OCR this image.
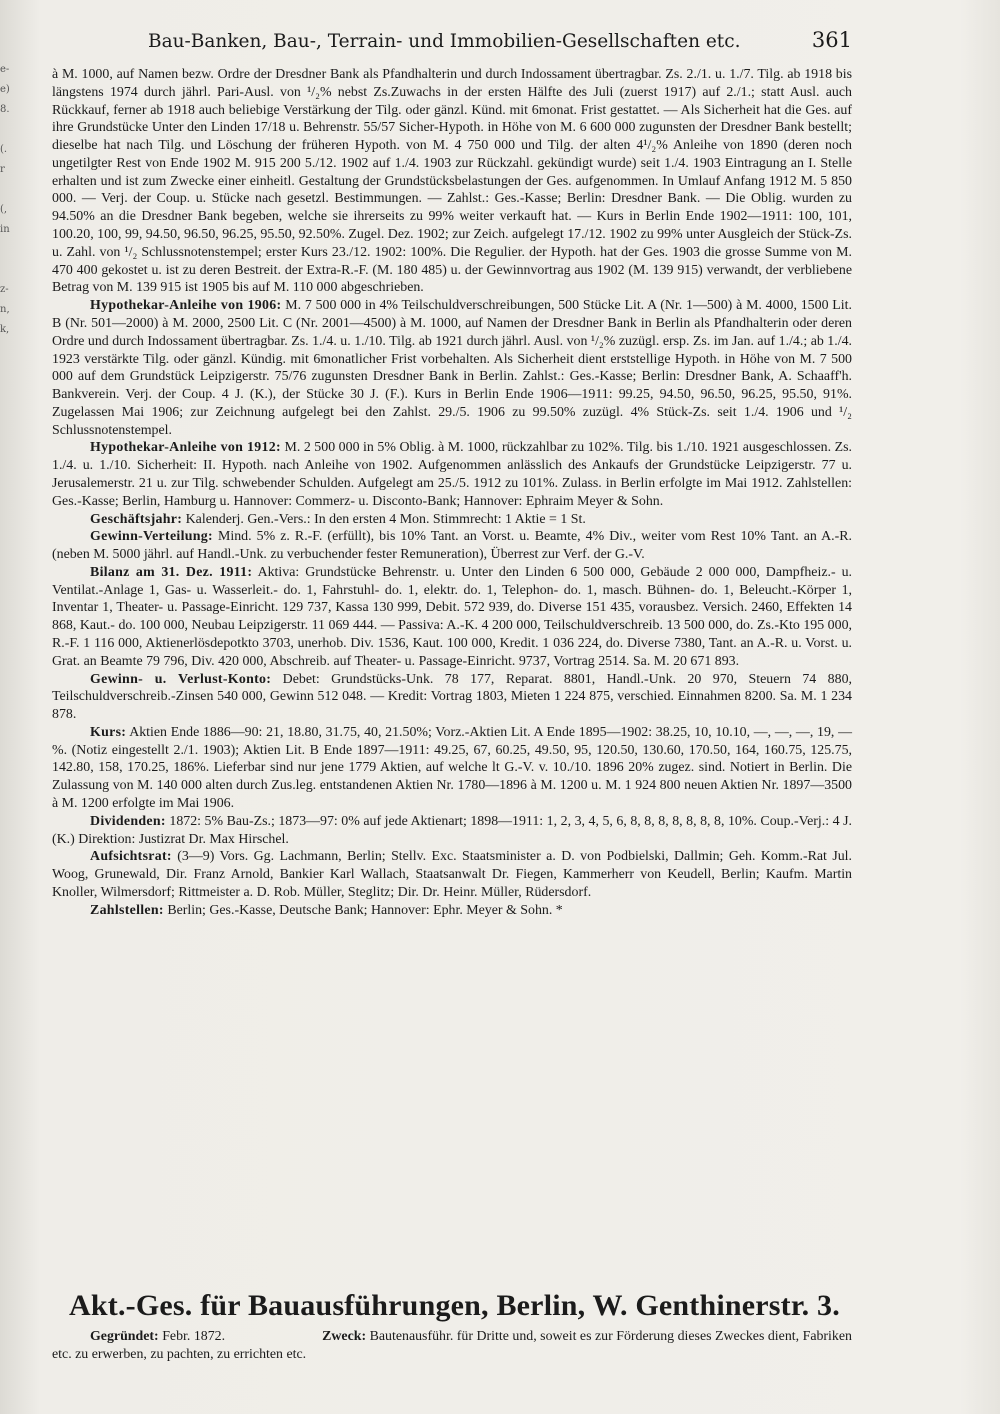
e-
e)
8.
(.
r
(,
in
z-
n,
k,
Bau-Banken, Bau-, Terrain- und Immobilien-Gesellschaften etc.	361

à M. 1000, auf Namen bezw. Ordre der Dresdner Bank als Pfandhalterin und durch Indossament übertragbar. Zs. 2./1. u. 1./7. Tilg. ab 1918 bis längstens 1974 durch jährl. Pari-Ausl. von ¹/₂% nebst Zs.Zuwachs in der ersten Hälfte des Juli (zuerst 1917) auf 2./1.; statt Ausl. auch Rückkauf, ferner ab 1918 auch beliebige Verstärkung der Tilg. oder gänzl. Künd. mit 6monat. Frist gestattet. — Als Sicherheit hat die Ges. auf ihre Grundstücke Unter den Linden 17/18 u. Behrenstr. 55/57 Sicher-Hypoth. in Höhe von M. 6 600 000 zugunsten der Dresdner Bank bestellt; dieselbe hat nach Tilg. und Löschung der früheren Hypoth. von M. 4 750 000 und Tilg. der alten 4¹/₂% Anleihe von 1890 (deren noch ungetilgter Rest von Ende 1902 M. 915 200 5./12. 1902 auf 1./4. 1903 zur Rückzahl. gekündigt wurde) seit 1./4. 1903 Eintragung an I. Stelle erhalten und ist zum Zwecke einer einheitl. Gestaltung der Grundstücksbelastungen der Ges. aufgenommen. In Umlauf Anfang 1912 M. 5 850 000. — Verj. der Coup. u. Stücke nach gesetzl. Bestimmungen. — Zahlst.: Ges.-Kasse; Berlin: Dresdner Bank. — Die Oblig. wurden zu 94.50% an die Dresdner Bank begeben, welche sie ihrerseits zu 99% weiter verkauft hat. — Kurs in Berlin Ende 1902—1911: 100, 101, 100.20, 100, 99, 94.50, 96.50, 96.25, 95.50, 92.50%. Zugel. Dez. 1902; zur Zeich. aufgelegt 17./12. 1902 zu 99% unter Ausgleich der Stück-Zs. u. Zahl. von ¹/₂ Schlussnotenstempel; erster Kurs 23./12. 1902: 100%. Die Regulier. der Hypoth. hat der Ges. 1903 die grosse Summe von M. 470 400 gekostet u. ist zu deren Bestreit. der Extra-R.-F. (M. 180 485) u. der Gewinnvortrag aus 1902 (M. 139 915) verwandt, der verbliebene Betrag von M. 139 915 ist 1905 bis auf M. 110 000 abgeschrieben.

Hypothekar-Anleihe von 1906: M. 7 500 000 in 4% Teilschuldverschreibungen, 500 Stücke Lit. A (Nr. 1—500) à M. 4000, 1500 Lit. B (Nr. 501—2000) à M. 2000, 2500 Lit. C (Nr. 2001—4500) à M. 1000, auf Namen der Dresdner Bank in Berlin als Pfandhalterin oder deren Ordre und durch Indossament übertragbar. Zs. 1./4. u. 1./10. Tilg. ab 1921 durch jährl. Ausl. von ¹/₂% zuzügl. ersp. Zs. im Jan. auf 1./4.; ab 1./4. 1923 verstärkte Tilg. oder gänzl. Kündig. mit 6monatlicher Frist vorbehalten. Als Sicherheit dient erststellige Hypoth. in Höhe von M. 7 500 000 auf dem Grundstück Leipzigerstr. 75/76 zugunsten Dresdner Bank in Berlin. Zahlst.: Ges.-Kasse; Berlin: Dresdner Bank, A. Schaaff'h. Bankverein. Verj. der Coup. 4 J. (K.), der Stücke 30 J. (F.). Kurs in Berlin Ende 1906—1911: 99.25, 94.50, 96.50, 96.25, 95.50, 91%. Zugelassen Mai 1906; zur Zeichnung aufgelegt bei den Zahlst. 29./5. 1906 zu 99.50% zuzügl. 4% Stück-Zs. seit 1./4. 1906 und ¹/₂ Schlussnotenstempel.

Hypothekar-Anleihe von 1912: M. 2 500 000 in 5% Oblig. à M. 1000, rückzahlbar zu 102%. Tilg. bis 1./10. 1921 ausgeschlossen. Zs. 1./4. u. 1./10. Sicherheit: II. Hypoth. nach Anleihe von 1902. Aufgenommen anlässlich des Ankaufs der Grundstücke Leipzigerstr. 77 u. Jerusalemerstr. 21 u. zur Tilg. schwebender Schulden. Aufgelegt am 25./5. 1912 zu 101%. Zulass. in Berlin erfolgte im Mai 1912. Zahlstellen: Ges.-Kasse; Berlin, Hamburg u. Hannover: Commerz- u. Disconto-Bank; Hannover: Ephraim Meyer & Sohn.

Geschäftsjahr: Kalenderj. Gen.-Vers.: In den ersten 4 Mon. Stimmrecht: 1 Aktie = 1 St.

Gewinn-Verteilung: Mind. 5% z. R.-F. (erfüllt), bis 10% Tant. an Vorst. u. Beamte, 4% Div., weiter vom Rest 10% Tant. an A.-R. (neben M. 5000 jährl. auf Handl.-Unk. zu verbuchender fester Remuneration), Überrest zur Verf. der G.-V.

Bilanz am 31. Dez. 1911: Aktiva: Grundstücke Behrenstr. u. Unter den Linden 6 500 000, Gebäude 2 000 000, Dampfheiz.- u. Ventilat.-Anlage 1, Gas- u. Wasserleit.- do. 1, Fahrstuhl- do. 1, elektr. do. 1, Telephon- do. 1, masch. Bühnen- do. 1, Beleucht.-Körper 1, Inventar 1, Theater- u. Passage-Einricht. 129 737, Kassa 130 999, Debit. 572 939, do. Diverse 151 435, vorausbez. Versich. 2460, Effekten 14 868, Kaut.- do. 100 000, Neubau Leipzigerstr. 11 069 444. — Passiva: A.-K. 4 200 000, Teilschuldverschreib. 13 500 000, do. Zs.-Kto 195 000, R.-F. 1 116 000, Aktienerlösdepotkto 3703, unerhob. Div. 1536, Kaut. 100 000, Kredit. 1 036 224, do. Diverse 7380, Tant. an A.-R. u. Vorst. u. Grat. an Beamte 79 796, Div. 420 000, Abschreib. auf Theater- u. Passage-Einricht. 9737, Vortrag 2514. Sa. M. 20 671 893.

Gewinn- u. Verlust-Konto: Debet: Grundstücks-Unk. 78 177, Reparat. 8801, Handl.-Unk. 20 970, Steuern 74 880, Teilschuldverschreib.-Zinsen 540 000, Gewinn 512 048. — Kredit: Vortrag 1803, Mieten 1 224 875, verschied. Einnahmen 8200. Sa. M. 1 234 878.

Kurs: Aktien Ende 1886—90: 21, 18.80, 31.75, 40, 21.50%; Vorz.-Aktien Lit. A Ende 1895—1902: 38.25, 10, 10.10, —, —, —, 19, —%. (Notiz eingestellt 2./1. 1903); Aktien Lit. B Ende 1897—1911: 49.25, 67, 60.25, 49.50, 95, 120.50, 130.60, 170.50, 164, 160.75, 125.75, 142.80, 158, 170.25, 186%. Lieferbar sind nur jene 1779 Aktien, auf welche lt G.-V. v. 10./10. 1896 20% zugez. sind. Notiert in Berlin. Die Zulassung von M. 140 000 alten durch Zus.leg. entstandenen Aktien Nr. 1780—1896 à M. 1200 u. M. 1 924 800 neuen Aktien Nr. 1897—3500 à M. 1200 erfolgte im Mai 1906.

Dividenden: 1872: 5% Bau-Zs.; 1873—97: 0% auf jede Aktienart; 1898—1911: 1, 2, 3, 4, 5, 6, 8, 8, 8, 8, 8, 8, 8, 10%. Coup.-Verj.: 4 J. (K.) Direktion: Justizrat Dr. Max Hirschel.

Aufsichtsrat: (3—9) Vors. Gg. Lachmann, Berlin; Stellv. Exc. Staatsminister a. D. von Podbielski, Dallmin; Geh. Komm.-Rat Jul. Woog, Grunewald, Dir. Franz Arnold, Bankier Karl Wallach, Staatsanwalt Dr. Fiegen, Kammerherr von Keudell, Berlin; Kaufm. Martin Knoller, Wilmersdorf; Rittmeister a. D. Rob. Müller, Steglitz; Dir. Dr. Heinr. Müller, Rüdersdorf.

Zahlstellen: Berlin; Ges.-Kasse, Deutsche Bank; Hannover: Ephr. Meyer & Sohn. *

Akt.-Ges. für Bauausführungen, Berlin, W. Genthinerstr. 3.

Gegründet: Febr. 1872.	Zweck: Bautenausführ. für Dritte und, soweit es zur Förderung dieses Zweckes dient, Fabriken etc. zu erwerben, zu pachten, zu errichten etc.
